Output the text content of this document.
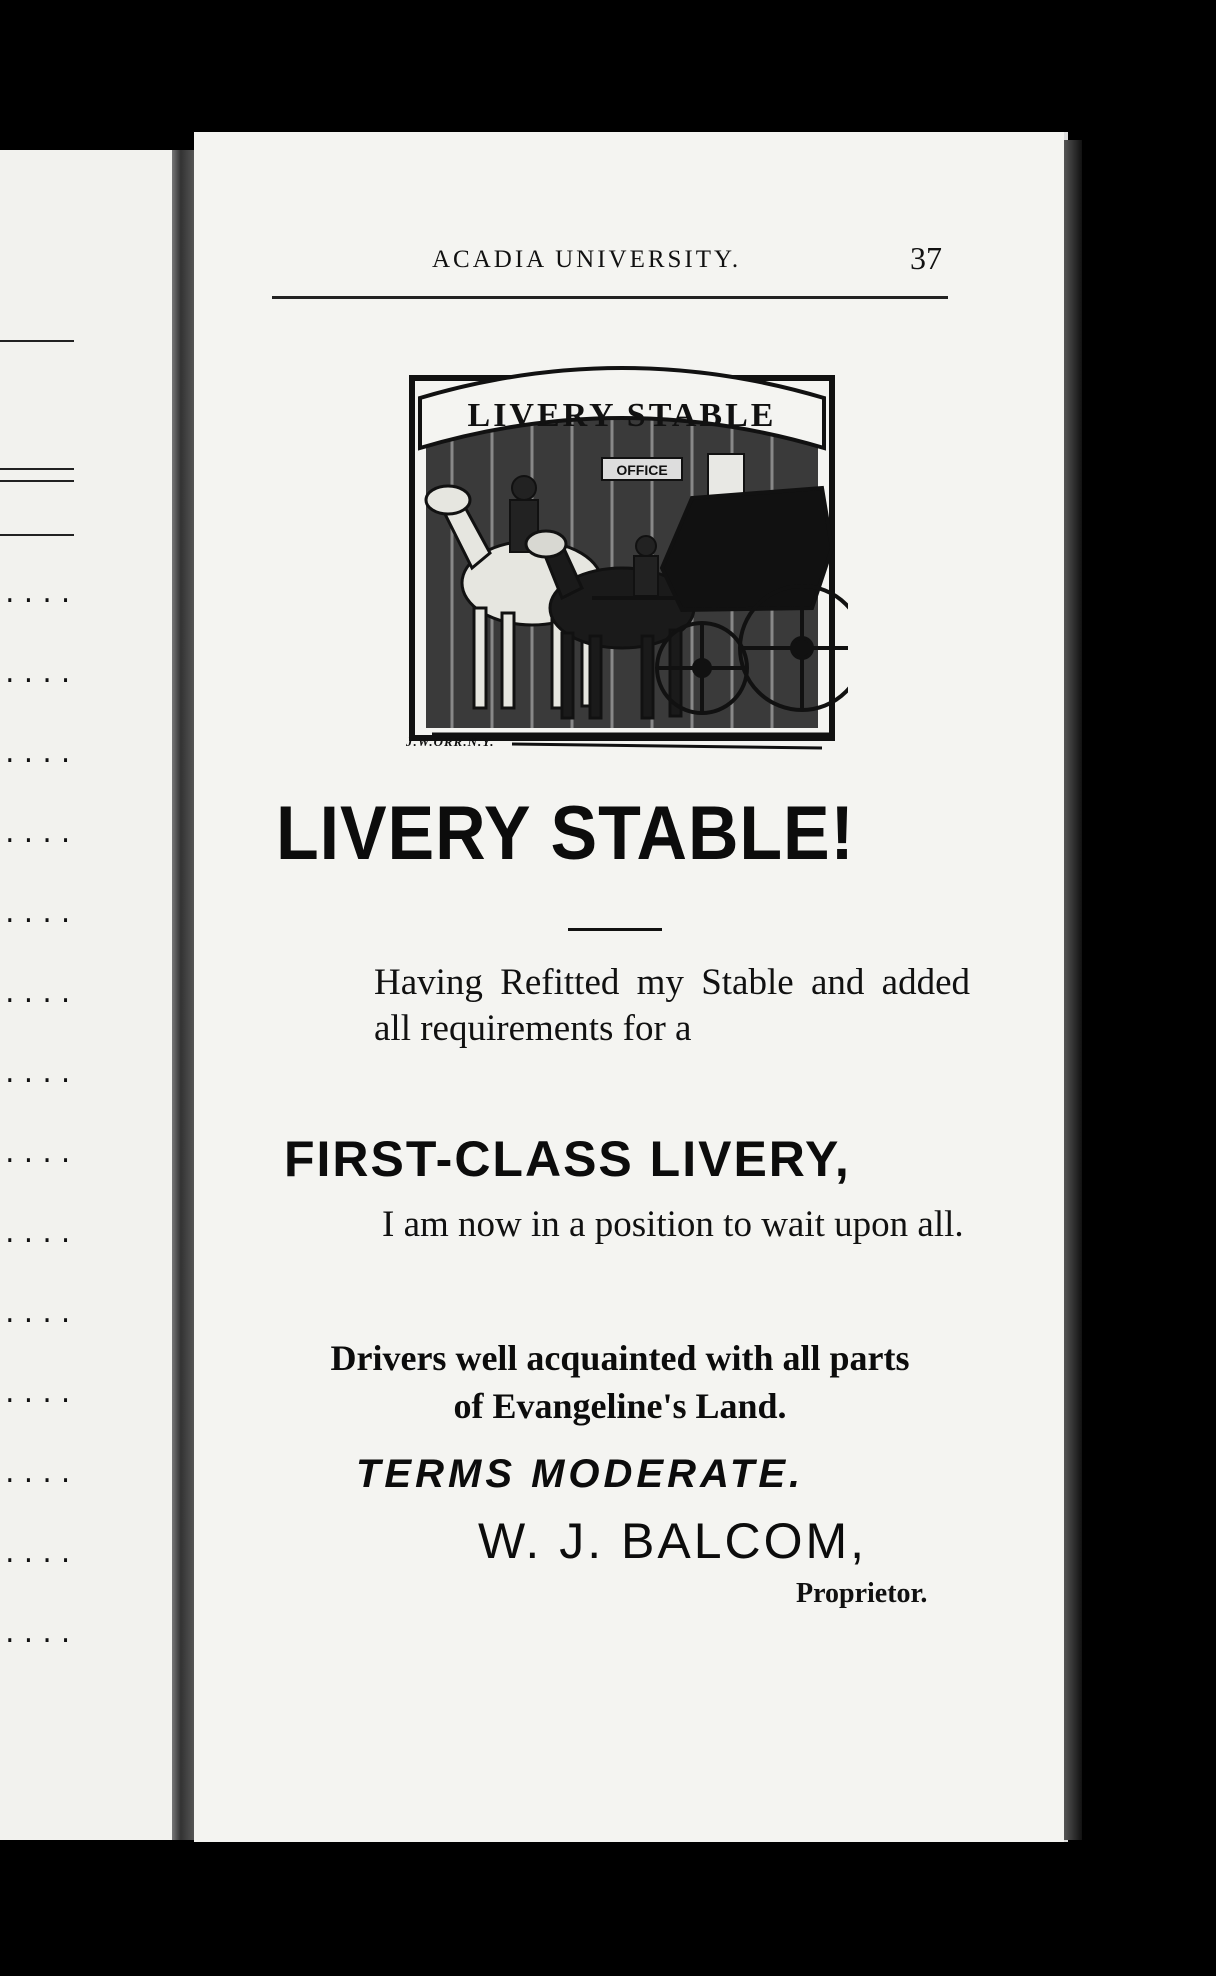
....
....
....
....
....
....
....
....
....
....
....
....
....
....
ACADIA UNIVERSITY.	37
LIVERY STABLE
OFFICE
J.W.ORR.N.Y.
LIVERY STABLE!

Having Refitted my Stable and added all requirements for a

FIRST-CLASS LIVERY,

I am now in a position to wait upon all.

Drivers well acquainted with all parts
of Evangeline's Land.
TERMS MODERATE.
W. J. BALCOM,
Proprietor.
